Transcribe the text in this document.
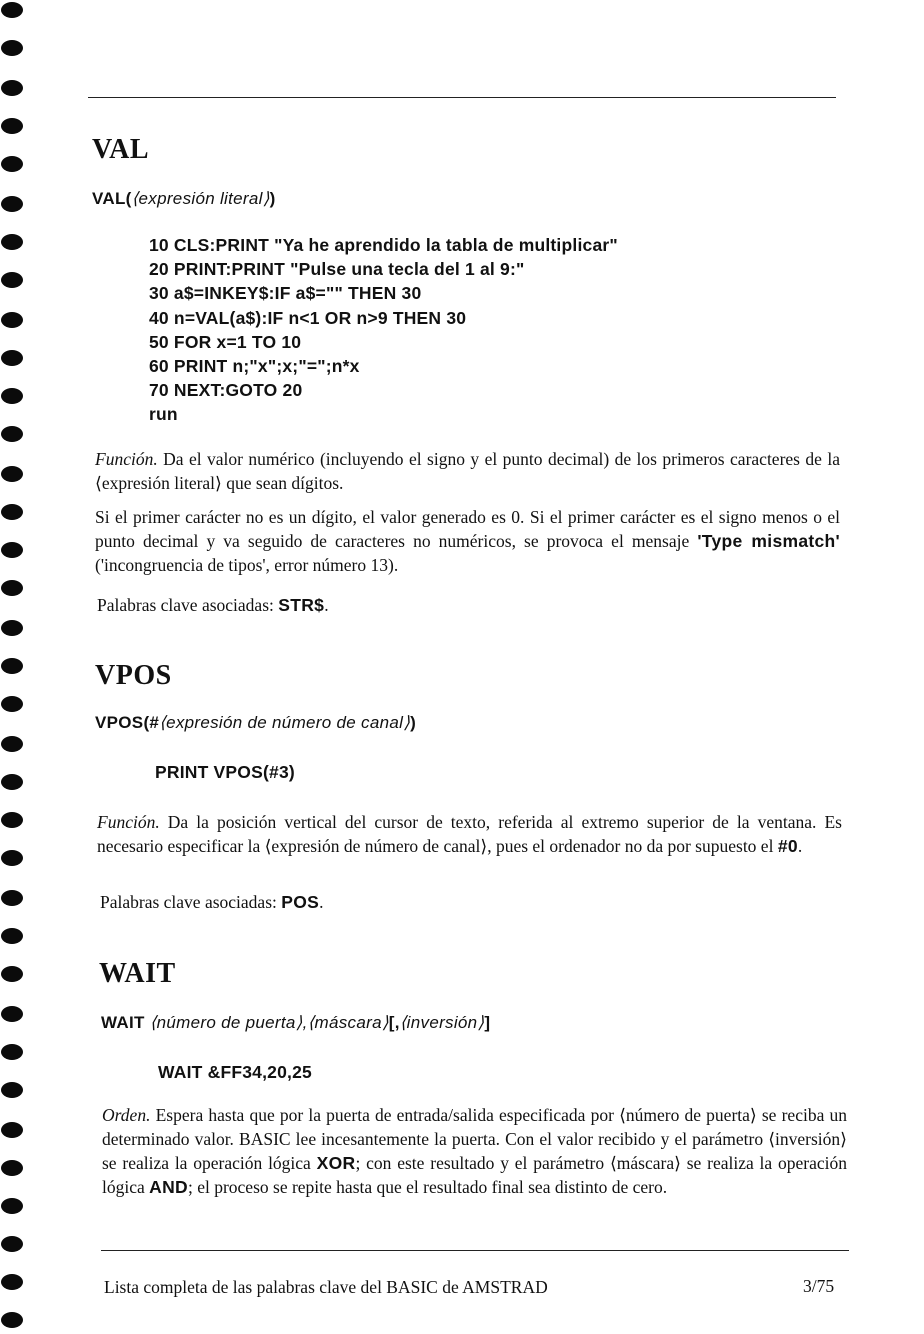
VAL
VAL(⟨expresión literal⟩)
10 CLS:PRINT "Ya he aprendido la tabla de multiplicar"
20 PRINT:PRINT "Pulse una tecla del 1 al 9:"
30 a$=INKEY$:IF a$="" THEN 30
40 n=VAL(a$):IF n<1 OR n>9 THEN 30
50 FOR x=1 TO 10
60 PRINT n;"x";x;"=";n*x
70 NEXT:GOTO 20
run

Función. Da el valor numérico (incluyendo el signo y el punto decimal) de los primeros caracteres de la ⟨expresión literal⟩ que sean dígitos.

Si el primer carácter no es un dígito, el valor generado es 0. Si el primer carácter es el signo menos o el punto decimal y va seguido de caracteres no numéricos, se provoca el mensaje 'Type mismatch' ('incongruencia de tipos', error número 13).

Palabras clave asociadas: STR$.

VPOS
VPOS(#⟨expresión de número de canal⟩)
PRINT VPOS(#3)

Función. Da la posición vertical del cursor de texto, referida al extremo superior de la ventana. Es necesario especificar la ⟨expresión de número de canal⟩, pues el ordenador no da por supuesto el #0.

Palabras clave asociadas: POS.

WAIT
WAIT ⟨número de puerta⟩,⟨máscara⟩[,⟨inversión⟩]
WAIT &FF34,20,25

Orden. Espera hasta que por la puerta de entrada/salida especificada por ⟨número de puerta⟩ se reciba un determinado valor. BASIC lee incesantemente la puerta. Con el valor recibido y el parámetro ⟨inversión⟩ se realiza la operación lógica XOR; con este resultado y el parámetro ⟨máscara⟩ se realiza la operación lógica AND; el proceso se repite hasta que el resultado final sea distinto de cero.

Lista completa de las palabras clave del BASIC de AMSTRAD	3/75
